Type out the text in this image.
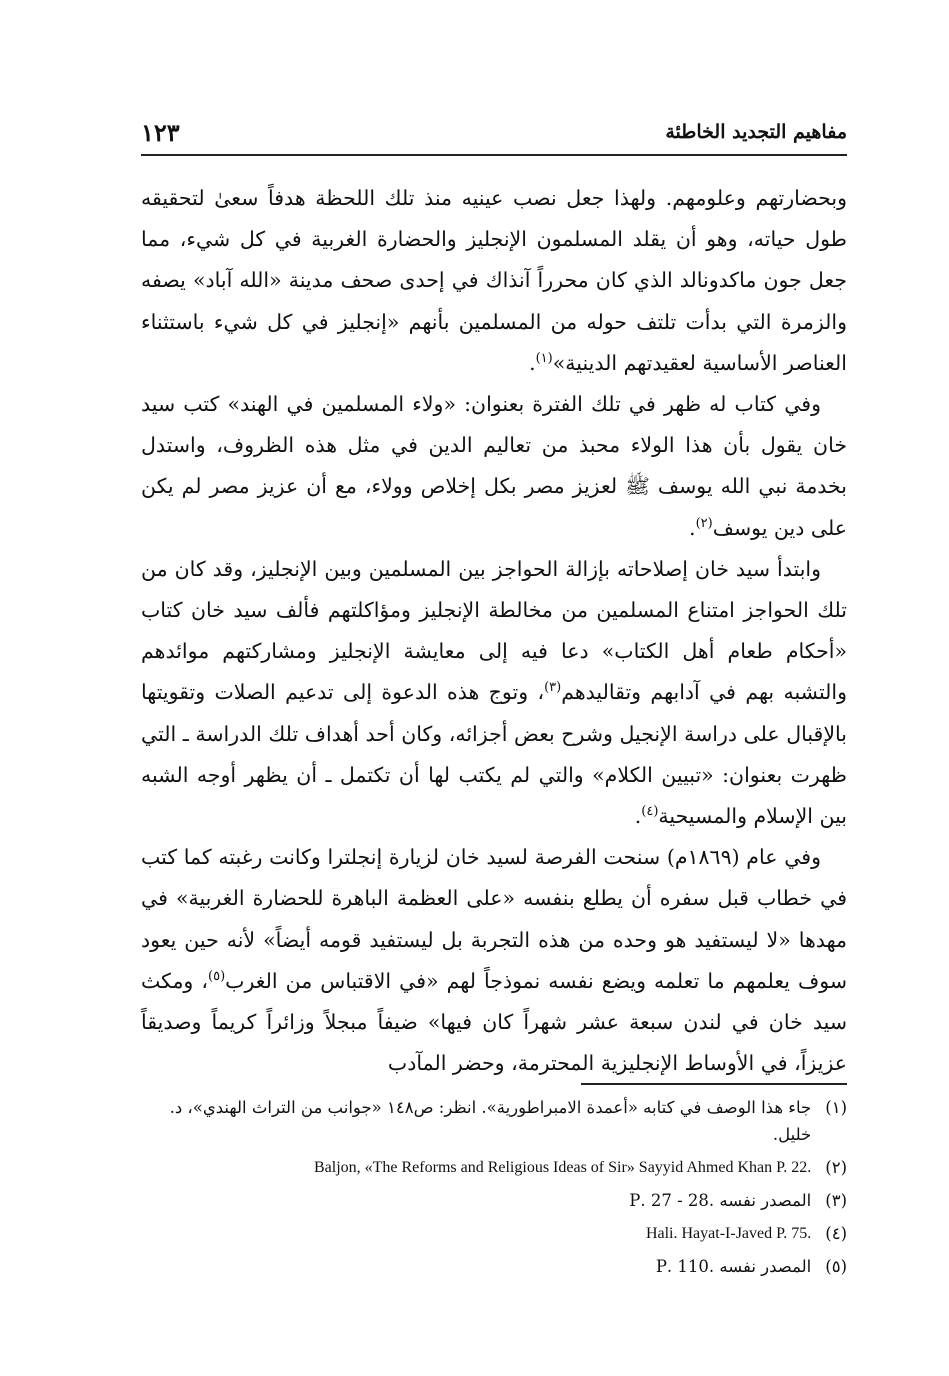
مفاهيم التجديد الخاطئة
١٢٣

وبحضارتهم وعلومهم. ولهذا جعل نصب عينيه منذ تلك اللحظة هدفاً سعىٰ لتحقيقه طول حياته، وهو أن يقلد المسلمون الإنجليز والحضارة الغربية في كل شيء، مما جعل جون ماكدونالد الذي كان محرراً آنذاك في إحدى صحف مدينة «الله آباد» يصفه والزمرة التي بدأت تلتف حوله من المسلمين بأنهم «إنجليز في كل شيء باستثناء العناصر الأساسية لعقيدتهم الدينية»$^{(١)}$.

وفي كتاب له ظهر في تلك الفترة بعنوان: «ولاء المسلمين في الهند» كتب سيد خان يقول بأن هذا الولاء محبذ من تعاليم الدين في مثل هذه الظروف، واستدل بخدمة نبي الله يوسف ﷺ لعزيز مصر بكل إخلاص وولاء، مع أن عزيز مصر لم يكن على دين يوسف$^{(٢)}$.

وابتدأ سيد خان إصلاحاته بإزالة الحواجز بين المسلمين وبين الإنجليز، وقد كان من تلك الحواجز امتناع المسلمين من مخالطة الإنجليز ومؤاكلتهم فألف سيد خان كتاب «أحكام طعام أهل الكتاب» دعا فيه إلى معايشة الإنجليز ومشاركتهم موائدهم والتشبه بهم في آدابهم وتقاليدهم$^{(٣)}$، وتوج هذه الدعوة إلى تدعيم الصلات وتقويتها بالإقبال على دراسة الإنجيل وشرح بعض أجزائه، وكان أحد أهداف تلك الدراسة ـ التي ظهرت بعنوان: «تبيين الكلام» والتي لم يكتب لها أن تكتمل ـ أن يظهر أوجه الشبه بين الإسلام والمسيحية$^{(٤)}$.

وفي عام (١٨٦٩م) سنحت الفرصة لسيد خان لزيارة إنجلترا وكانت رغبته كما كتب في خطاب قبل سفره أن يطلع بنفسه «على العظمة الباهرة للحضارة الغربية» في مهدها «لا ليستفيد هو وحده من هذه التجربة بل ليستفيد قومه أيضاً» لأنه حين يعود سوف يعلمهم ما تعلمه ويضع نفسه نموذجاً لهم «في الاقتباس من الغرب$^{(٥)}$، ومكث سيد خان في لندن سبعة عشر شهراً كان فيها» ضيفاً مبجلاً وزائراً كريماً وصديقاً عزيزاً، في الأوساط الإنجليزية المحترمة، وحضر المآدب

(١)
جاء هذا الوصف في كتابه «أعمدة الامبراطورية». انظر: ص١٤٨ «جوانب من التراث الهندي»، د. خليل.
(٢)
Baljon, «The Reforms and Religious Ideas of Sir» Sayyid Ahmed Khan P. 22.
(٣)
المصدر نفسه .28 - 27 .P
(٤)
Hali. Hayat-I-Javed P. 75.
(٥)
المصدر نفسه .110 .P
